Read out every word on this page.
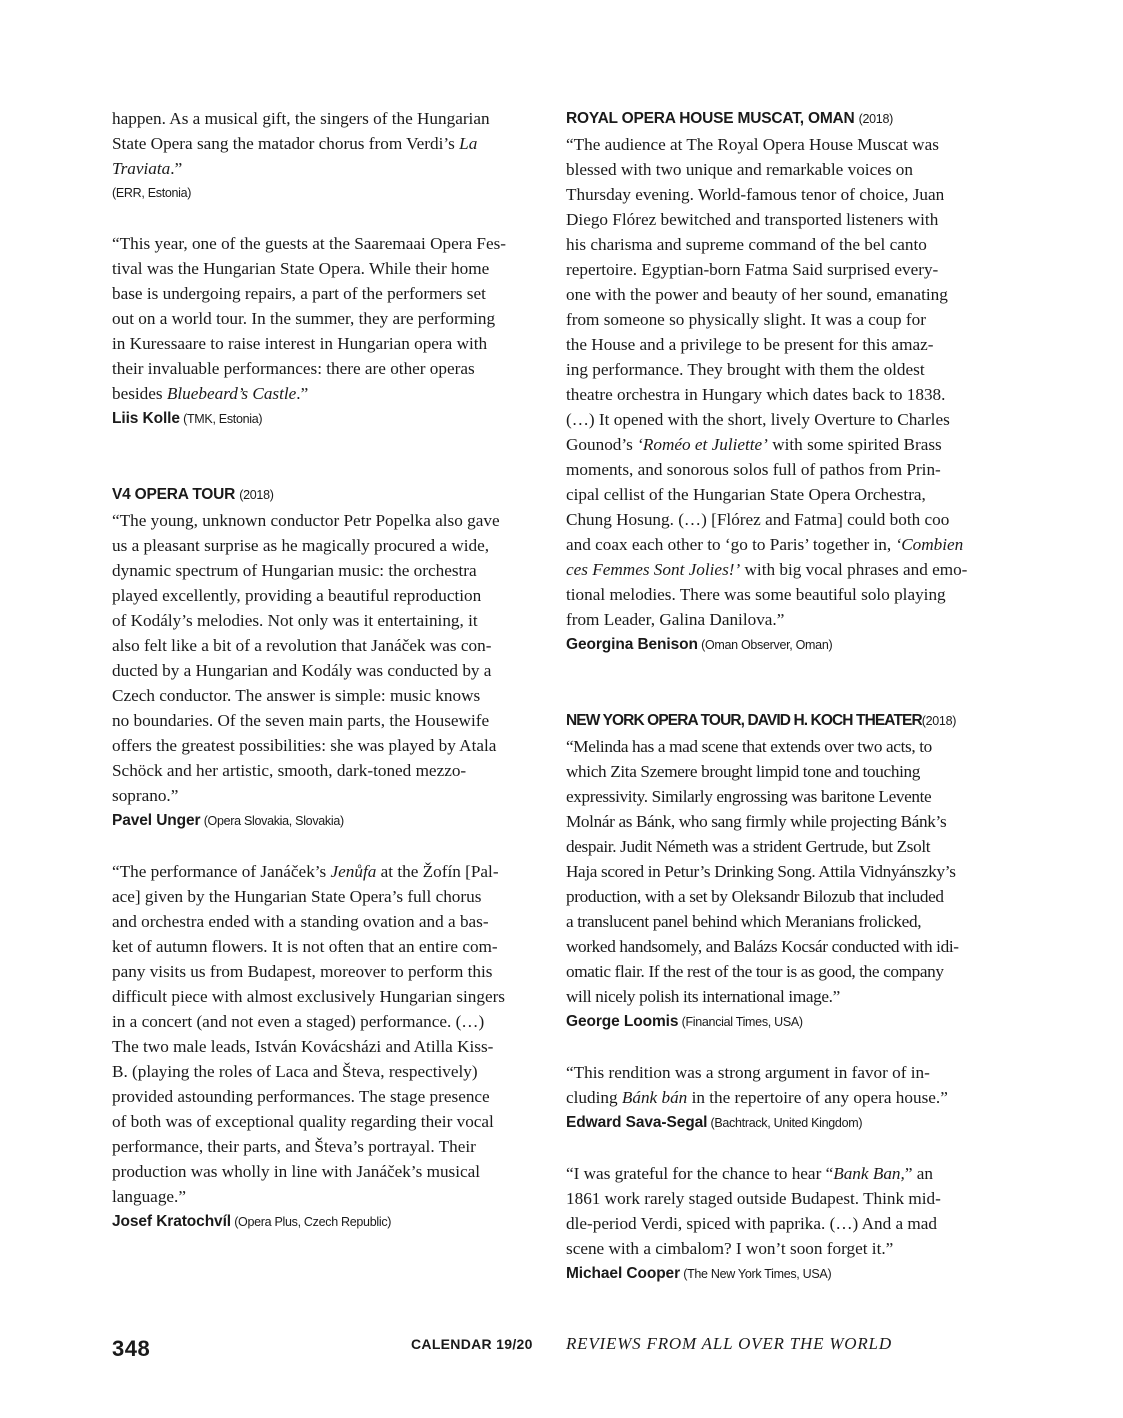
happen. As a musical gift, the singers of the Hungarian

State Opera sang the matador chorus from Verdi’s La

Traviata.”

(ERR, Estonia)

“This year, one of the guests at the Saaremaai Opera Fes-

tival was the Hungarian State Opera. While their home

base is undergoing repairs, a part of the performers set

out on a world tour. In the summer, they are performing

in Kuressaare to raise interest in Hungarian opera with

their invaluable performances: there are other operas

besides Bluebeard’s Castle.”

Liis Kolle (TMK, Estonia)

V4 OPERA TOUR (2018)

“The young, unknown conductor Petr Popelka also gave

us a pleasant surprise as he magically procured a wide,

dynamic spectrum of Hungarian music: the orchestra

played excellently, providing a beautiful reproduction

of Kodály’s melodies. Not only was it entertaining, it

also felt like a bit of a revolution that Janáček was con-

ducted by a Hungarian and Kodály was conducted by a

Czech conductor. The answer is simple: music knows

no boundaries. Of the seven main parts, the Housewife

offers the greatest possibilities: she was played by Atala

Schöck and her artistic, smooth, dark-toned mezzo-

soprano.”

Pavel Unger (Opera Slovakia, Slovakia)

“The performance of Janáček’s Jenůfa at the Žofín [Pal-

ace] given by the Hungarian State Opera’s full chorus

and orchestra ended with a standing ovation and a bas-

ket of autumn flowers. It is not often that an entire com-

pany visits us from Budapest, moreover to perform this

difficult piece with almost exclusively Hungarian singers

in a concert (and not even a staged) performance. (…)

The two male leads, István Kovácsházi and Atilla Kiss-

B. (playing the roles of Laca and Števa, respectively)

provided astounding performances. The stage presence

of both was of exceptional quality regarding their vocal

performance, their parts, and Števa’s portrayal. Their

production was wholly in line with Janáček’s musical

language.”

Josef Kratochvíl (Opera Plus, Czech Republic)

ROYAL OPERA HOUSE MUSCAT, OMAN (2018)

“The audience at The Royal Opera House Muscat was

blessed with two unique and remarkable voices on

Thursday evening. World-famous tenor of choice, Juan

Diego Flórez bewitched and transported listeners with

his charisma and supreme command of the bel canto

repertoire. Egyptian-born Fatma Said surprised every-

one with the power and beauty of her sound, emanating

from someone so physically slight. It was a coup for

the House and a privilege to be present for this amaz-

ing performance. They brought with them the oldest

theatre orchestra in Hungary which dates back to 1838.

(…) It opened with the short, lively Overture to Charles

Gounod’s ‘Roméo et Juliette’ with some spirited Brass

moments, and sonorous solos full of pathos from Prin-

cipal cellist of the Hungarian State Opera Orchestra,

Chung Hosung. (…) [Flórez and Fatma] could both coo

and coax each other to ‘go to Paris’ together in, ‘Combien

ces Femmes Sont Jolies!’ with big vocal phrases and emo-

tional melodies. There was some beautiful solo playing

from Leader, Galina Danilova.”

Georgina Benison (Oman Observer, Oman)

NEW YORK OPERA TOUR, DAVID H. KOCH THEATER(2018)

“Melinda has a mad scene that extends over two acts, to

which Zita Szemere brought limpid tone and touching

expressivity. Similarly engrossing was baritone Levente

Molnár as Bánk, who sang firmly while projecting Bánk’s

despair. Judit Németh was a strident Gertrude, but Zsolt

Haja scored in Petur’s Drinking Song. Attila Vidnyánszky’s

production, with a set by Oleksandr Bilozub that included

a translucent panel behind which Meranians frolicked,

worked handsomely, and Balázs Kocsár conducted with idi-

omatic flair. If the rest of the tour is as good, the company

will nicely polish its international image.”

George Loomis (Financial Times, USA)

“This rendition was a strong argument in favor of in-

cluding Bánk bán in the repertoire of any opera house.”

Edward Sava-Segal (Bachtrack, United Kingdom)

“I was grateful for the chance to hear “Bank Ban,” an

1861 work rarely staged outside Budapest. Think mid-

dle-period Verdi, spiced with paprika. (…) And a mad

scene with a cimbalom? I won’t soon forget it.”

Michael Cooper (The New York Times, USA)

348	CALENDAR 19/20 REVIEWS FROM ALL OVER THE WORLD
